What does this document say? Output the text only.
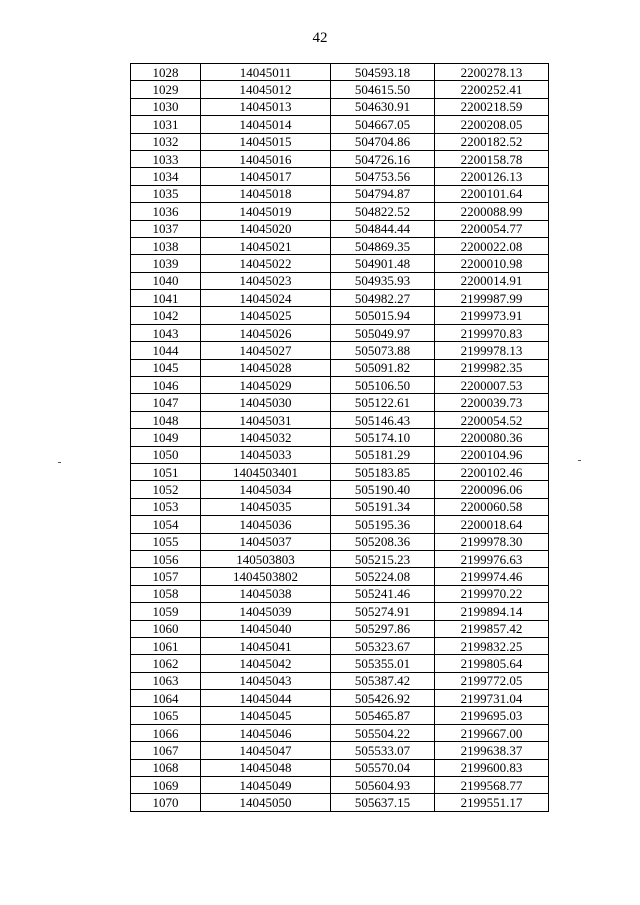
42
1028	14045011	504593.18	2200278.13
1029	14045012	504615.50	2200252.41
1030	14045013	504630.91	2200218.59
1031	14045014	504667.05	2200208.05
1032	14045015	504704.86	2200182.52
1033	14045016	504726.16	2200158.78
1034	14045017	504753.56	2200126.13
1035	14045018	504794.87	2200101.64
1036	14045019	504822.52	2200088.99
1037	14045020	504844.44	2200054.77
1038	14045021	504869.35	2200022.08
1039	14045022	504901.48	2200010.98
1040	14045023	504935.93	2200014.91
1041	14045024	504982.27	2199987.99
1042	14045025	505015.94	2199973.91
1043	14045026	505049.97	2199970.83
1044	14045027	505073.88	2199978.13
1045	14045028	505091.82	2199982.35
1046	14045029	505106.50	2200007.53
1047	14045030	505122.61	2200039.73
1048	14045031	505146.43	2200054.52
1049	14045032	505174.10	2200080.36
1050	14045033	505181.29	2200104.96
1051	1404503401	505183.85	2200102.46
1052	14045034	505190.40	2200096.06
1053	14045035	505191.34	2200060.58
1054	14045036	505195.36	2200018.64
1055	14045037	505208.36	2199978.30
1056	140503803	505215.23	2199976.63
1057	1404503802	505224.08	2199974.46
1058	14045038	505241.46	2199970.22
1059	14045039	505274.91	2199894.14
1060	14045040	505297.86	2199857.42
1061	14045041	505323.67	2199832.25
1062	14045042	505355.01	2199805.64
1063	14045043	505387.42	2199772.05
1064	14045044	505426.92	2199731.04
1065	14045045	505465.87	2199695.03
1066	14045046	505504.22	2199667.00
1067	14045047	505533.07	2199638.37
1068	14045048	505570.04	2199600.83
1069	14045049	505604.93	2199568.77
1070	14045050	505637.15	2199551.17
